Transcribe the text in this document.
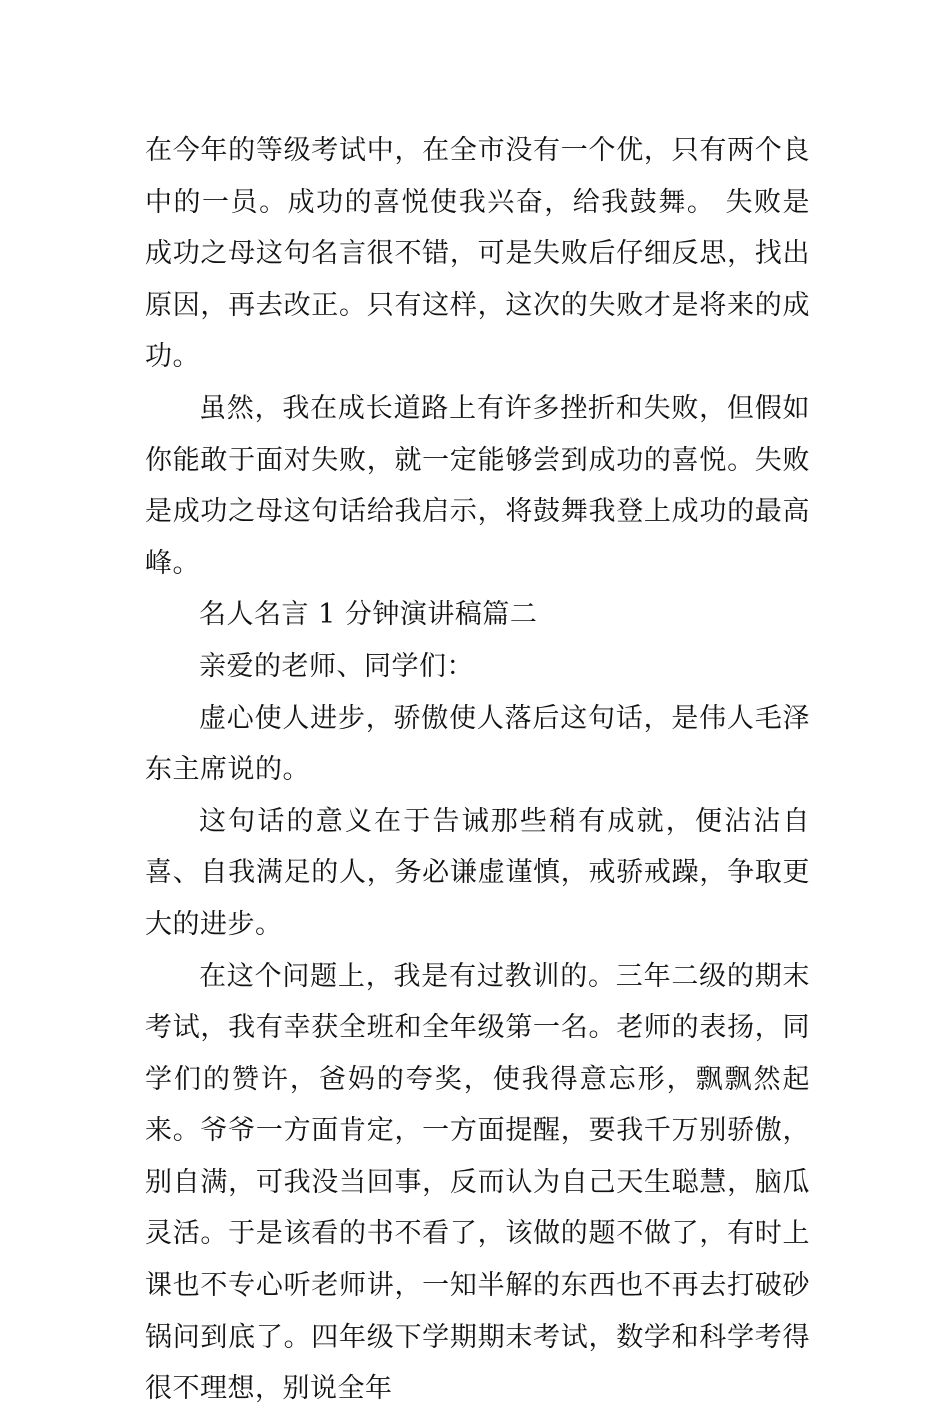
在今年的等级考试中，在全市没有一个优，只有两个良中的一员。成功的喜悦使我兴奋，给我鼓舞。 失败是成功之母这句名言很不错，可是失败后仔细反思，找出原因，再去改正。只有这样，这次的失败才是将来的成功。

虽然，我在成长道路上有许多挫折和失败，但假如你能敢于面对失败，就一定能够尝到成功的喜悦。失败是成功之母这句话给我启示，将鼓舞我登上成功的最高峰。

名人名言 1 分钟演讲稿篇二

亲爱的老师、同学们：

虚心使人进步，骄傲使人落后这句话，是伟人毛泽东主席说的。

这句话的意义在于告诫那些稍有成就，便沾沾自喜、自我满足的人，务必谦虚谨慎，戒骄戒躁，争取更大的进步。

在这个问题上，我是有过教训的。三年二级的期末考试，我有幸获全班和全年级第一名。老师的表扬，同学们的赞许，爸妈的夸奖，使我得意忘形，飘飘然起来。爷爷一方面肯定，一方面提醒，要我千万别骄傲，别自满，可我没当回事，反而认为自己天生聪慧，脑瓜灵活。于是该看的书不看了，该做的题不做了，有时上课也不专心听老师讲，一知半解的东西也不再去打破砂锅问到底了。四年级下学期期末考试，数学和科学考得很不理想，别说全年
